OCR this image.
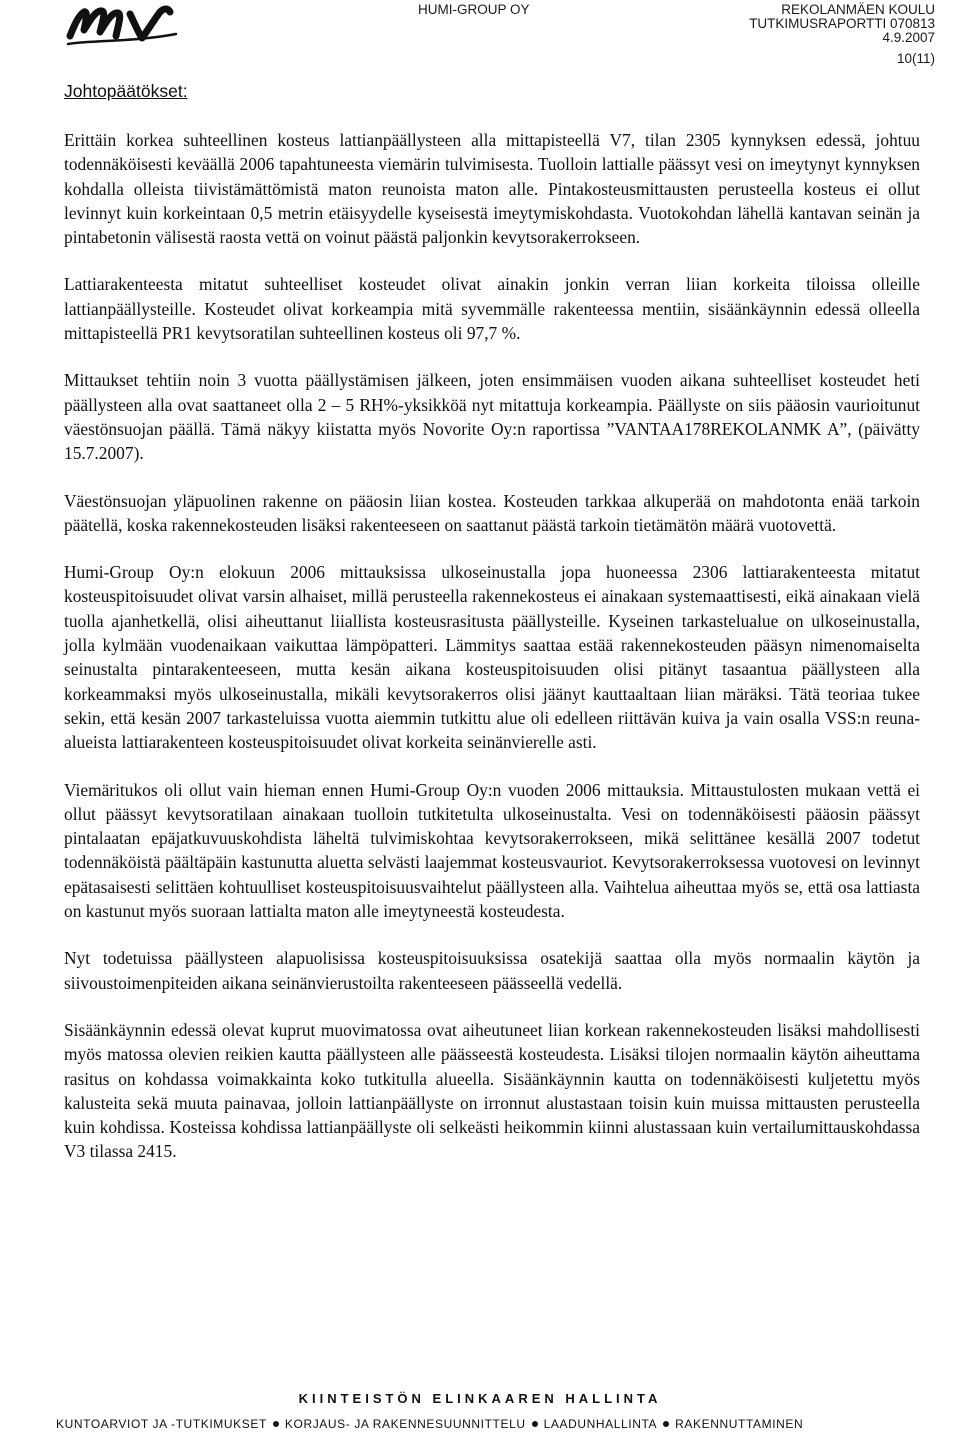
HUMI-GROUP OY	REKOLANMÄEN KOULU
TUTKIMUSRAPORTTI 070813
4.9.2007
10(11)
Johtopäätökset:

Erittäin korkea suhteellinen kosteus lattianpäällysteen alla mittapisteellä V7, tilan 2305 kynnyksen edessä, johtuu todennäköisesti keväällä 2006 tapahtuneesta viemärin tulvimisesta. Tuolloin lattialle päässyt vesi on imeytynyt kynnyksen kohdalla olleista tiivistämättömistä maton reunoista maton alle. Pintakosteusmittausten perusteella kosteus ei ollut levinnyt kuin korkeintaan 0,5 metrin etäisyydelle kyseisestä imeytymiskohdasta. Vuotokohdan lähellä kantavan seinän ja pintabetonin välisestä raosta vettä on voinut päästä paljonkin kevytsorakerrokseen.

Lattiarakenteesta mitatut suhteelliset kosteudet olivat ainakin jonkin verran liian korkeita tiloissa olleille lattianpäällysteille. Kosteudet olivat korkeampia mitä syvemmälle rakenteessa mentiin, sisäänkäynnin edessä olleella mittapisteellä PR1 kevytsoratilan suhteellinen kosteus oli 97,7 %.

Mittaukset tehtiin noin 3 vuotta päällystämisen jälkeen, joten ensimmäisen vuoden aikana suhteelliset kosteudet heti päällysteen alla ovat saattaneet olla 2 – 5 RH%-yksikköä nyt mitattuja korkeampia. Päällyste on siis pääosin vaurioitunut väestönsuojan päällä. Tämä näkyy kiistatta myös Novorite Oy:n raportissa ”VANTAA178REKOLANMK A”, (päivätty 15.7.2007).

Väestönsuojan yläpuolinen rakenne on pääosin liian kostea. Kosteuden tarkkaa alkuperää on mahdotonta enää tarkoin päätellä, koska rakennekosteuden lisäksi rakenteeseen on saattanut päästä tarkoin tietämätön määrä vuotovettä.

Humi-Group Oy:n elokuun 2006 mittauksissa ulkoseinustalla jopa huoneessa 2306 lattiarakenteesta mitatut kosteuspitoisuudet olivat varsin alhaiset, millä perusteella rakennekosteus ei ainakaan systemaattisesti, eikä ainakaan vielä tuolla ajanhetkellä, olisi aiheuttanut liiallista kosteusrasitusta päällysteille. Kyseinen tarkastelualue on ulkoseinustalla, jolla kylmään vuodenaikaan vaikuttaa lämpöpatteri. Lämmitys saattaa estää rakennekosteuden pääsyn nimenomaiselta seinustalta pintarakenteeseen, mutta kesän aikana kosteuspitoisuuden olisi pitänyt tasaantua päällysteen alla korkeammaksi myös ulkoseinustalla, mikäli kevytsorakerros olisi jäänyt kauttaaltaan liian märäksi. Tätä teoriaa tukee sekin, että kesän 2007 tarkasteluissa vuotta aiemmin tutkittu alue oli edelleen riittävän kuiva ja vain osalla VSS:n reuna-alueista lattiarakenteen kosteuspitoisuudet olivat korkeita seinänvierelle asti.

Viemäritukos oli ollut vain hieman ennen Humi-Group Oy:n vuoden 2006 mittauksia. Mittaustulosten mukaan vettä ei ollut päässyt kevytsoratilaan ainakaan tuolloin tutkitetulta ulkoseinustalta. Vesi on todennäköisesti pääosin päässyt pintalaatan epäjatkuvuuskohdista läheltä tulvimiskohtaa kevytsorakerrokseen, mikä selittänee kesällä 2007 todetut todennäköistä päältäpäin kastunutta aluetta selvästi laajemmat kosteusvauriot. Kevytsorakerroksessa vuotovesi on levinnyt epätasaisesti selittäen kohtuulliset kosteuspitoisuusvaihtelut päällysteen alla. Vaihtelua aiheuttaa myös se, että osa lattiasta on kastunut myös suoraan lattialta maton alle imeytyneestä kosteudesta.

Nyt todetuissa päällysteen alapuolisissa kosteuspitoisuuksissa osatekijä saattaa olla myös normaalin käytön ja siivoustoimenpiteiden aikana seinänvierustoilta rakenteeseen päässeellä vedellä.

Sisäänkäynnin edessä olevat kuprut muovimatossa ovat aiheutuneet liian korkean rakennekosteuden lisäksi mahdollisesti myös matossa olevien reikien kautta päällysteen alle päässeestä kosteudesta. Lisäksi tilojen normaalin käytön aiheuttama rasitus on kohdassa voimakkainta koko tutkitulla alueella. Sisäänkäynnin kautta on todennäköisesti kuljetettu myös kalusteita sekä muuta painavaa, jolloin lattianpäällyste on irronnut alustastaan toisin kuin muissa mittausten perusteella kuin kohdissa. Kosteissa kohdissa lattianpäällyste oli selkeästi heikommin kiinni alustassaan kuin vertailumittauskohdassa V3 tilassa 2415.

KIINTEISTÖN ELINKAAREN HALLINTA
KUNTOARVIOT JA -TUTKIMUKSET KORJAUS- JA RAKENNESUUNNITTELU LAADUNHALLINTA RAKENNUTTAMINEN
